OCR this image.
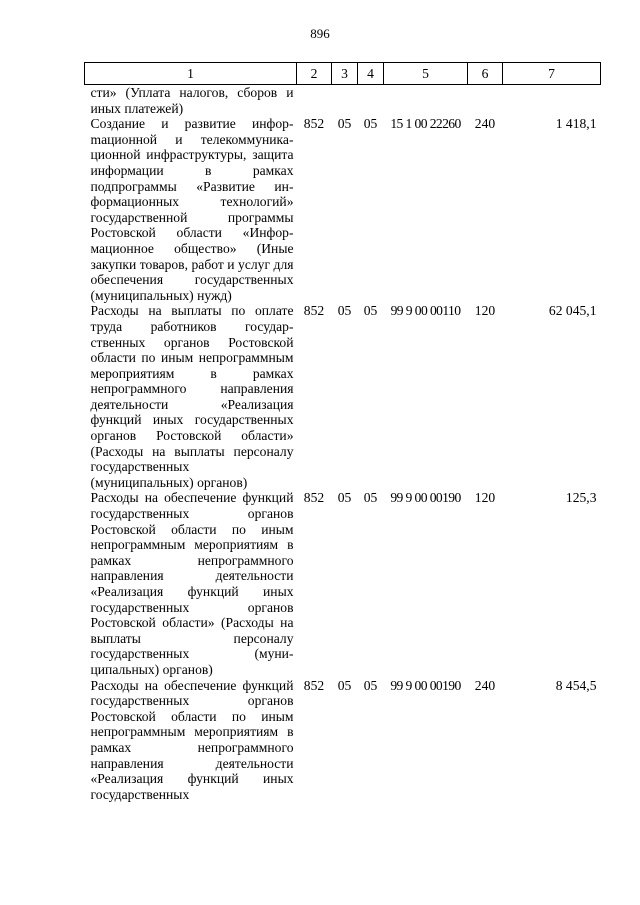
896
1	2	3	4	5	6	7
сти» (Уплата налогов, сборов и иных платежей)						
Создание и развитие инфорmационной и телекоммуникационной инфраструктуры, защита информации в рамках подпрограммы «Развитие информационных технологий» государственной программы Ростовской области «Информационное общество» (Иные закупки товаров, работ и услуг для обеспечения государственных (муниципальных) нужд)	852	05	05	15 1 00 22260	240	1 418,1
Расходы на выплаты по оплате труда работников государственных органов Ростовской области по иным непрограммным мероприятиям в рамках непрограммного направления деятельности «Реализация функций иных государственных органов Ростовской области» (Расходы на выплаты персоналу государственных (муниципальных) органов)	852	05	05	99 9 00 00110	120	62 045,1
Расходы на обеспечение функций государственных органов Ростовской области по иным непрограммным мероприятиям в рамках непрограммного направления деятельности «Реализация функций иных государственных органов Ростовской области» (Расходы на выплаты персоналу государственных (муниципальных) органов)	852	05	05	99 9 00 00190	120	125,3
Расходы на обеспечение функций государственных органов Ростовской области по иным непрограммным мероприятиям в рамках непрограммного направления деятельности «Реализация функций иных государственных	852	05	05	99 9 00 00190	240	8 454,5
